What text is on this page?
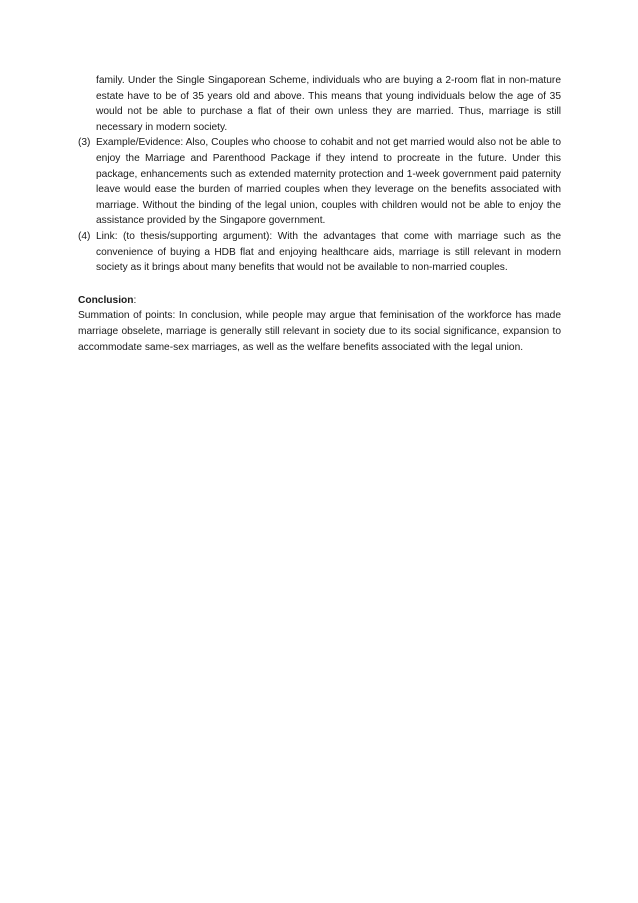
family. Under the Single Singaporean Scheme, individuals who are buying a 2-room flat in non-mature estate have to be of 35 years old and above. This means that young individuals below the age of 35 would not be able to purchase a flat of their own unless they are married. Thus, marriage is still necessary in modern society.

(3) Example/Evidence: Also, Couples who choose to cohabit and not get married would also not be able to enjoy the Marriage and Parenthood Package if they intend to procreate in the future. Under this package, enhancements such as extended maternity protection and 1-week government paid paternity leave would ease the burden of married couples when they leverage on the benefits associated with marriage. Without the binding of the legal union, couples with children would not be able to enjoy the assistance provided by the Singapore government.
(4) Link: (to thesis/supporting argument): With the advantages that come with marriage such as the convenience of buying a HDB flat and enjoying healthcare aids, marriage is still relevant in modern society as it brings about many benefits that would not be available to non-married couples.

Conclusion:

Summation of points: In conclusion, while people may argue that feminisation of the workforce has made marriage obselete, marriage is generally still relevant in society due to its social significance, expansion to accommodate same-sex marriages, as well as the welfare benefits associated with the legal union.
